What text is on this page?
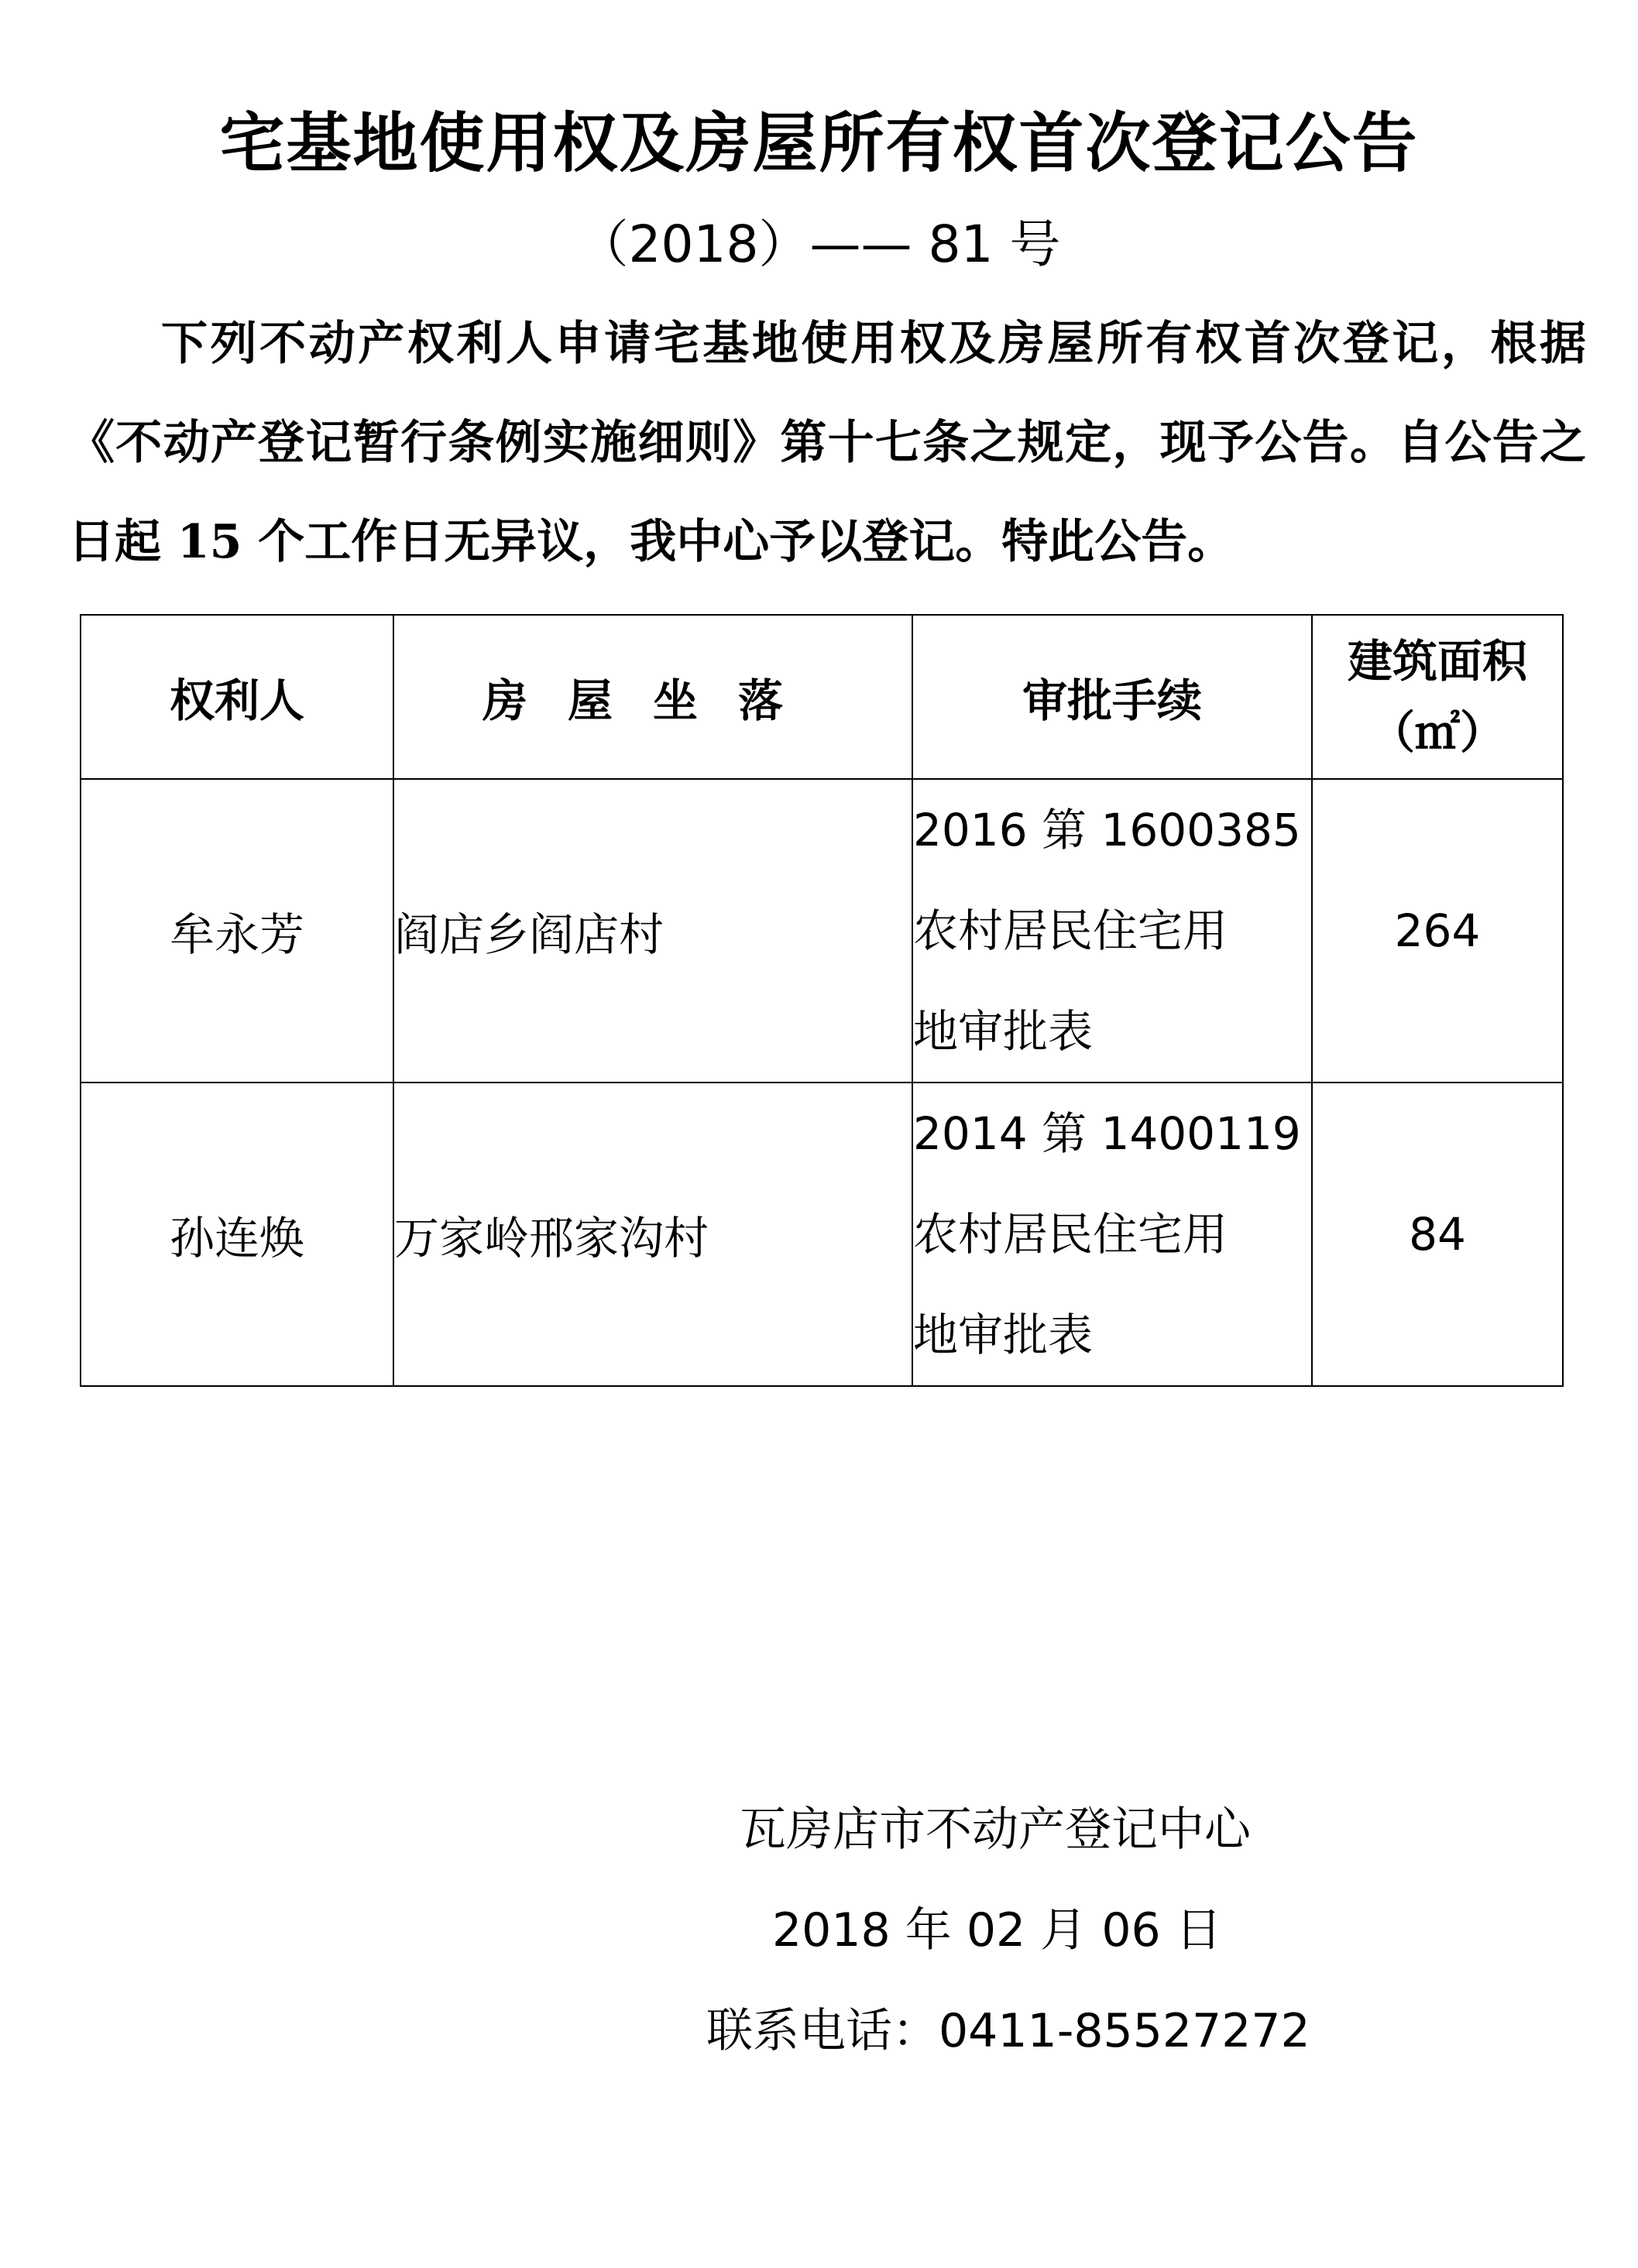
宅基地使用权及房屋所有权首次登记公告
（2018）—— 81 号
下列不动产权利人申请宅基地使用权及房屋所有权首次登记，根据《不动产登记暂行条例实施细则》第十七条之规定，现予公告。自公告之日起 15 个工作日无异议，我中心予以登记。特此公告。
权利人	房屋坐落	审批手续	建筑面积
（㎡）

牟永芳	阎店乡阎店村	2016 第 1600385
农村居民住宅用
地审批表	264
孙连焕	万家岭邢家沟村	2014 第 1400119
农村居民住宅用
地审批表	84
瓦房店市不动产登记中心
2018 年 02 月 06 日
联系电话：0411-85527272
